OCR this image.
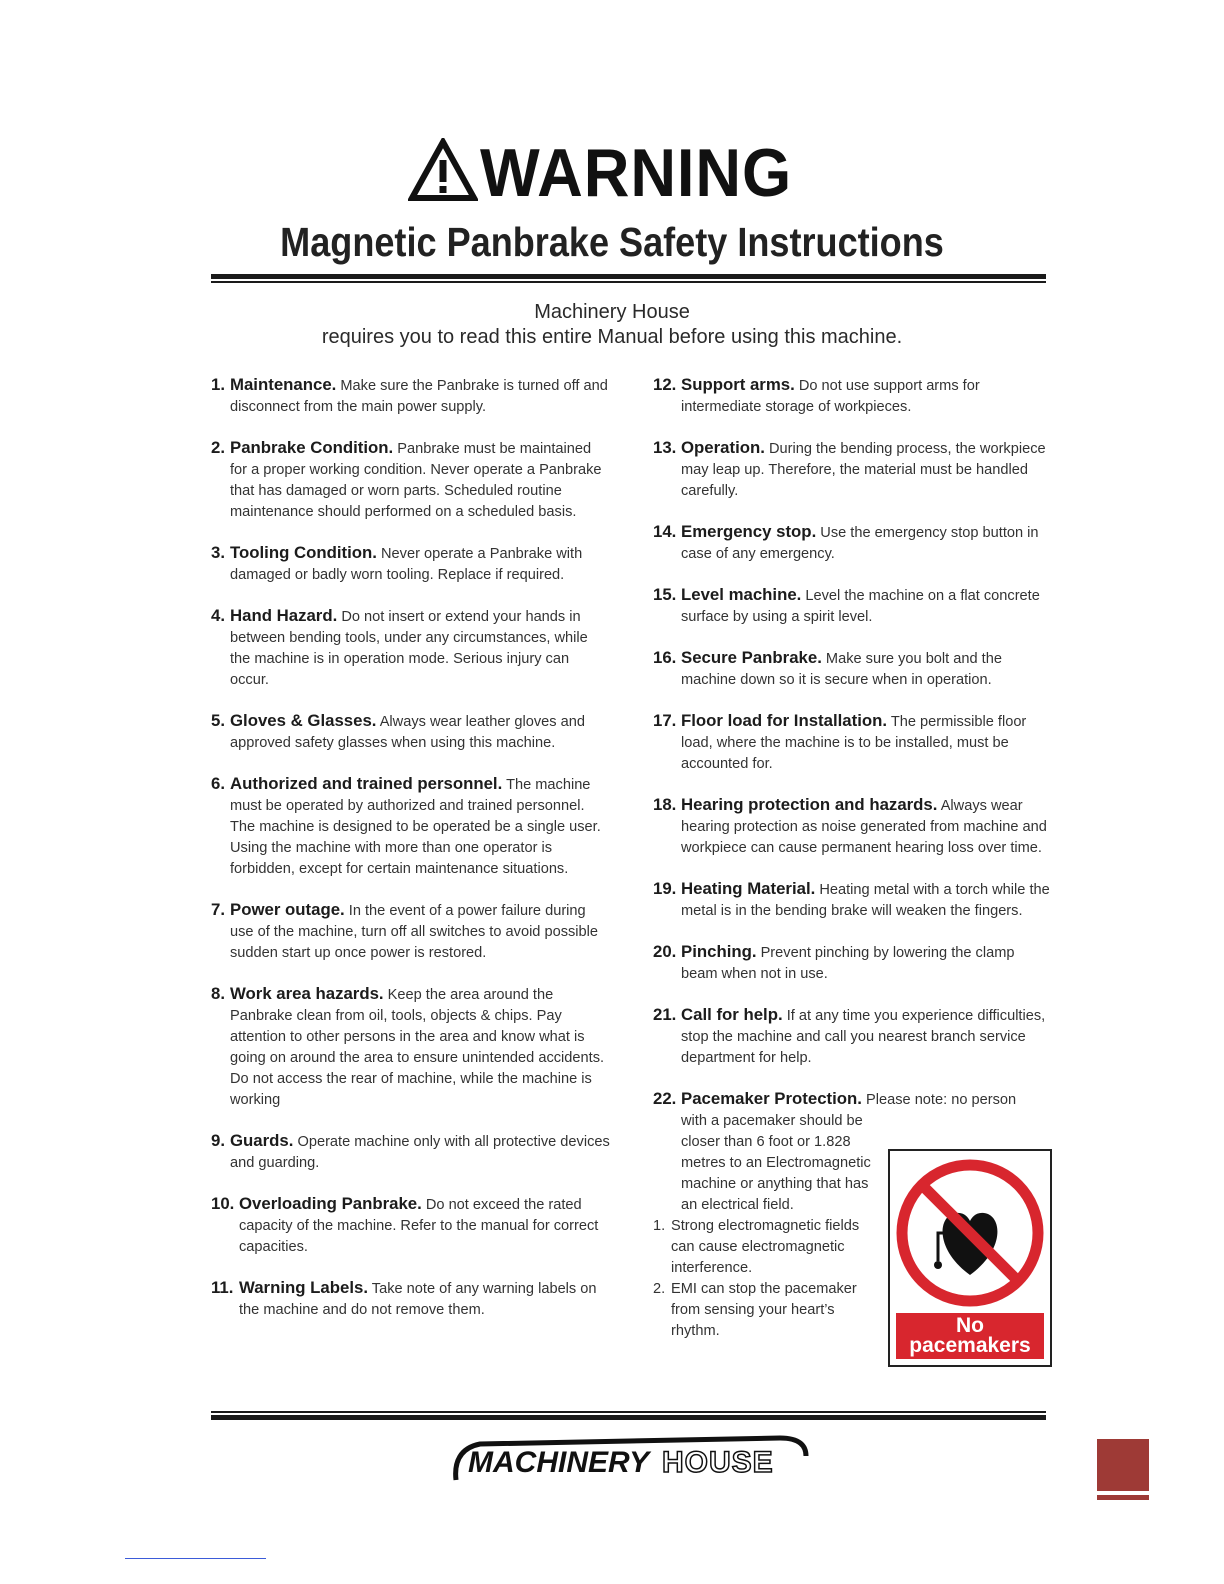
WARNING
Magnetic Panbrake Safety Instructions
Machinery House
requires you to read this entire Manual before using this machine.
1. Maintenance. Make sure the Panbrake is turned off and disconnect from the main power supply.
2. Panbrake Condition. Panbrake must be maintained for a proper working condition. Never operate a Panbrake that has damaged or worn parts. Scheduled routine maintenance should performed on a scheduled basis.
3. Tooling Condition. Never operate a Panbrake with damaged or badly worn tooling. Replace if required.
4. Hand Hazard. Do not insert or extend your hands in between bending tools, under any circumstances, while the machine is in operation mode. Serious injury can occur.
5. Gloves & Glasses. Always wear leather gloves and approved safety glasses when using this machine.
6. Authorized and trained personnel. The machine must be operated by authorized and trained personnel. The machine is designed to be operated be a single user. Using the machine with more than one operator is forbidden, except for certain maintenance situations.
7. Power outage. In the event of a power failure during use of the machine, turn off all switches to avoid possible sudden start up once power is restored.
8. Work area hazards. Keep the area around the Panbrake clean from oil, tools, objects & chips. Pay attention to other persons in the area and know what is going on around the area to ensure unintended accidents. Do not access the rear of machine, while the machine is working
9. Guards. Operate machine only with all protective devices and guarding.
10. Overloading Panbrake. Do not exceed the rated capacity of the machine. Refer to the manual for correct capacities.
11. Warning Labels. Take note of any warning labels on the machine and do not remove them.
12. Support arms. Do not use support arms for intermediate storage of workpieces.
13. Operation. During the bending process, the workpiece may leap up. Therefore, the material must be handled carefully.
14. Emergency stop. Use the emergency stop button in case of any emergency.
15. Level machine. Level the machine on a flat concrete surface by using a spirit level.
16. Secure Panbrake. Make sure you bolt and the machine down so it is secure when in operation.
17. Floor load for Installation. The permissible floor load, where the machine is to be installed, must be accounted for.
18. Hearing protection and hazards. Always wear hearing protection as noise generated from machine and workpiece can cause permanent hearing loss over time.
19. Heating Material. Heating metal with a torch while the metal is in the bending brake will weaken the fingers.
20. Pinching. Prevent pinching by lowering the clamp beam when not in use.
21. Call for help. If at any time you experience difficulties, stop the machine and call you nearest branch service department for help.
22. Pacemaker Protection. Please note: no person
with a pacemaker should be closer than 6 foot or 1.828 metres to an Electromagnetic machine or anything that has an electrical field.
1. Strong electromagnetic fields can cause electromagnetic interference.
2. EMI can stop the pacemaker from sensing your heart’s rhythm.	No
pacemakers
MACHINERY HOUSE
